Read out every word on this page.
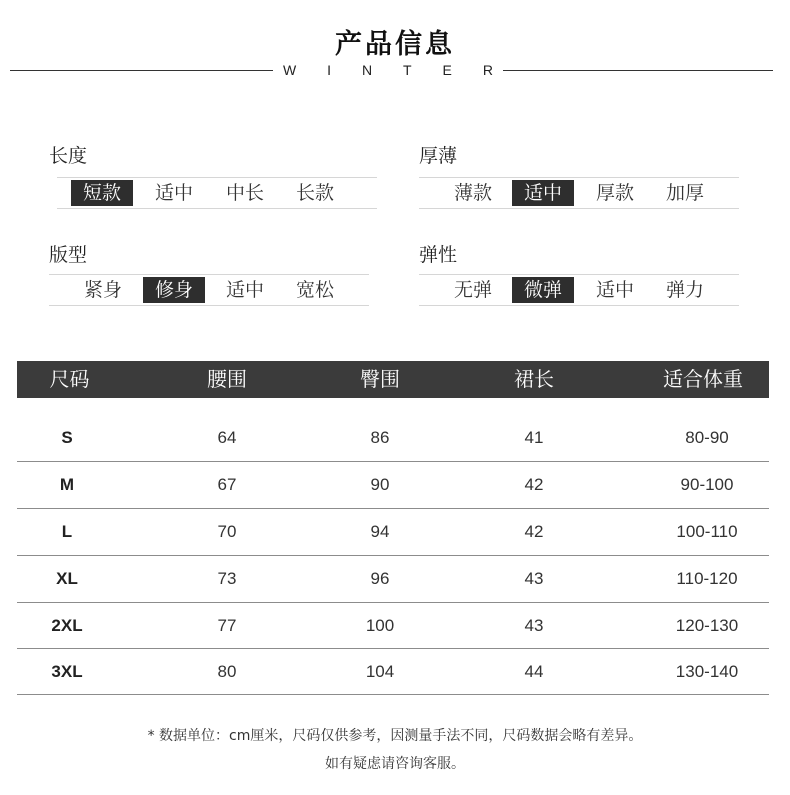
产品信息
W I N T E R
长度
短款	适中	中长	长款
厚薄
薄款	适中	厚款	加厚
版型
紧身	修身	适中	宽松
弹性
无弹	微弹	适中	弹力
尺码	腰围	臀围	裙长	适合体重
S	64	86	41	80-90
M	67	90	42	90-100
L	70	94	42	100-110
XL	73	96	43	110-120
2XL	77	100	43	120-130
3XL	80	104	44	130-140
* 数据单位：cm厘米，尺码仅供参考，因测量手法不同，尺码数据会略有差异。
如有疑虑请咨询客服。
